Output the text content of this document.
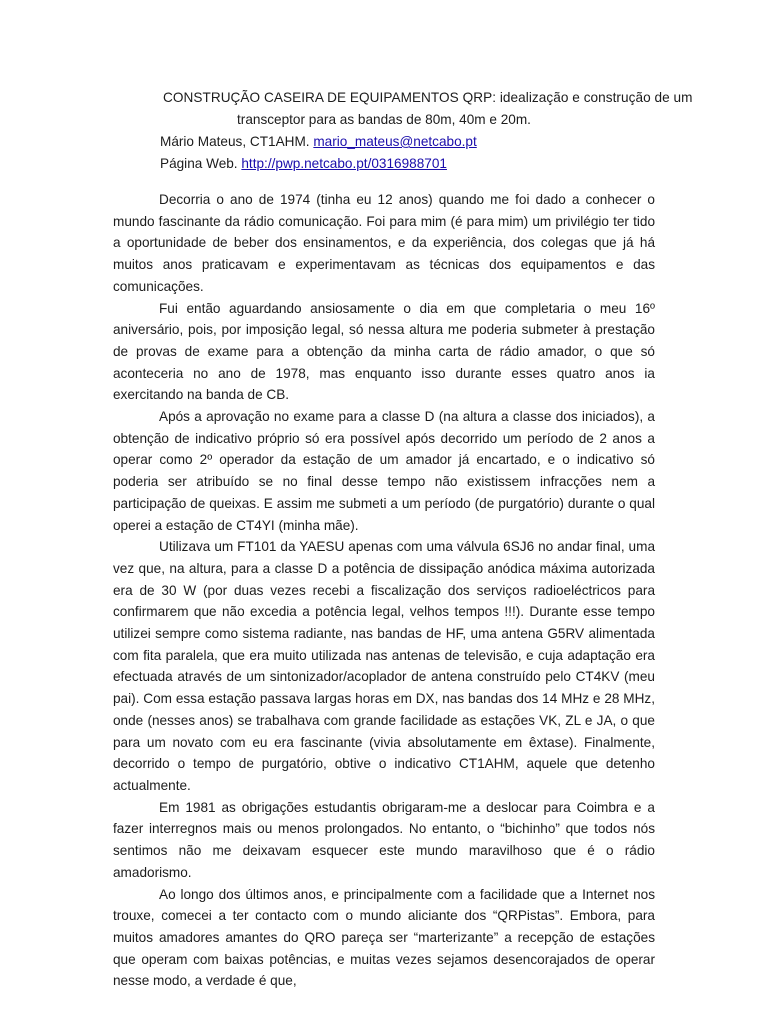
CONSTRUÇÃO CASEIRA DE EQUIPAMENTOS QRP: idealização e construção de um
transceptor para as bandas de 80m, 40m e 20m.
Mário Mateus, CT1AHM. mario_mateus@netcabo.pt
Página Web. http://pwp.netcabo.pt/0316988701

Decorria o ano de 1974 (tinha eu 12 anos) quando me foi dado a conhecer o mundo fascinante da rádio comunicação. Foi para mim (é para mim) um privilégio ter tido a oportunidade de beber dos ensinamentos, e da experiência, dos colegas que já há muitos anos praticavam e experimentavam as técnicas dos equipamentos e das comunicações.

Fui então aguardando ansiosamente o dia em que completaria o meu 16º aniversário, pois, por imposição legal, só nessa altura me poderia submeter à prestação de provas de exame para a obtenção da minha carta de rádio amador, o que só aconteceria no ano de 1978, mas enquanto isso durante esses quatro anos ia exercitando na banda de CB.

Após a aprovação no exame para a classe D (na altura a classe dos iniciados), a obtenção de indicativo próprio só era possível após decorrido um período de 2 anos a operar como 2º operador da estação de um amador já encartado, e o indicativo só poderia ser atribuído se no final desse tempo não existissem infracções nem a participação de queixas. E assim me submeti a um período (de purgatório) durante o qual operei a estação de CT4YI (minha mãe).

Utilizava um FT101 da YAESU apenas com uma válvula 6SJ6 no andar final, uma vez que, na altura, para a classe D a potência de dissipação anódica máxima autorizada era de 30 W (por duas vezes recebi a fiscalização dos serviços radioeléctricos para confirmarem que não excedia a potência legal, velhos tempos !!!). Durante esse tempo utilizei sempre como sistema radiante, nas bandas de HF, uma antena G5RV alimentada com fita paralela, que era muito utilizada nas antenas de televisão, e cuja adaptação era efectuada através de um sintonizador/acoplador de antena construído pelo CT4KV (meu pai). Com essa estação passava largas horas em DX, nas bandas dos 14 MHz e 28 MHz, onde (nesses anos) se trabalhava com grande facilidade as estações VK, ZL e JA, o que para um novato com eu era fascinante (vivia absolutamente em êxtase). Finalmente, decorrido o tempo de purgatório, obtive o indicativo CT1AHM, aquele que detenho actualmente.

Em 1981 as obrigações estudantis obrigaram-me a deslocar para Coimbra e a fazer interregnos mais ou menos prolongados. No entanto, o “bichinho” que todos nós sentimos não me deixavam esquecer este mundo maravilhoso que é o rádio amadorismo.

Ao longo dos últimos anos, e principalmente com a facilidade que a Internet nos trouxe, comecei a ter contacto com o mundo aliciante dos “QRPistas”. Embora, para muitos amadores amantes do QRO pareça ser “marterizante” a recepção de estações que operam com baixas potências, e muitas vezes sejamos desencorajados de operar nesse modo, a verdade é que,
